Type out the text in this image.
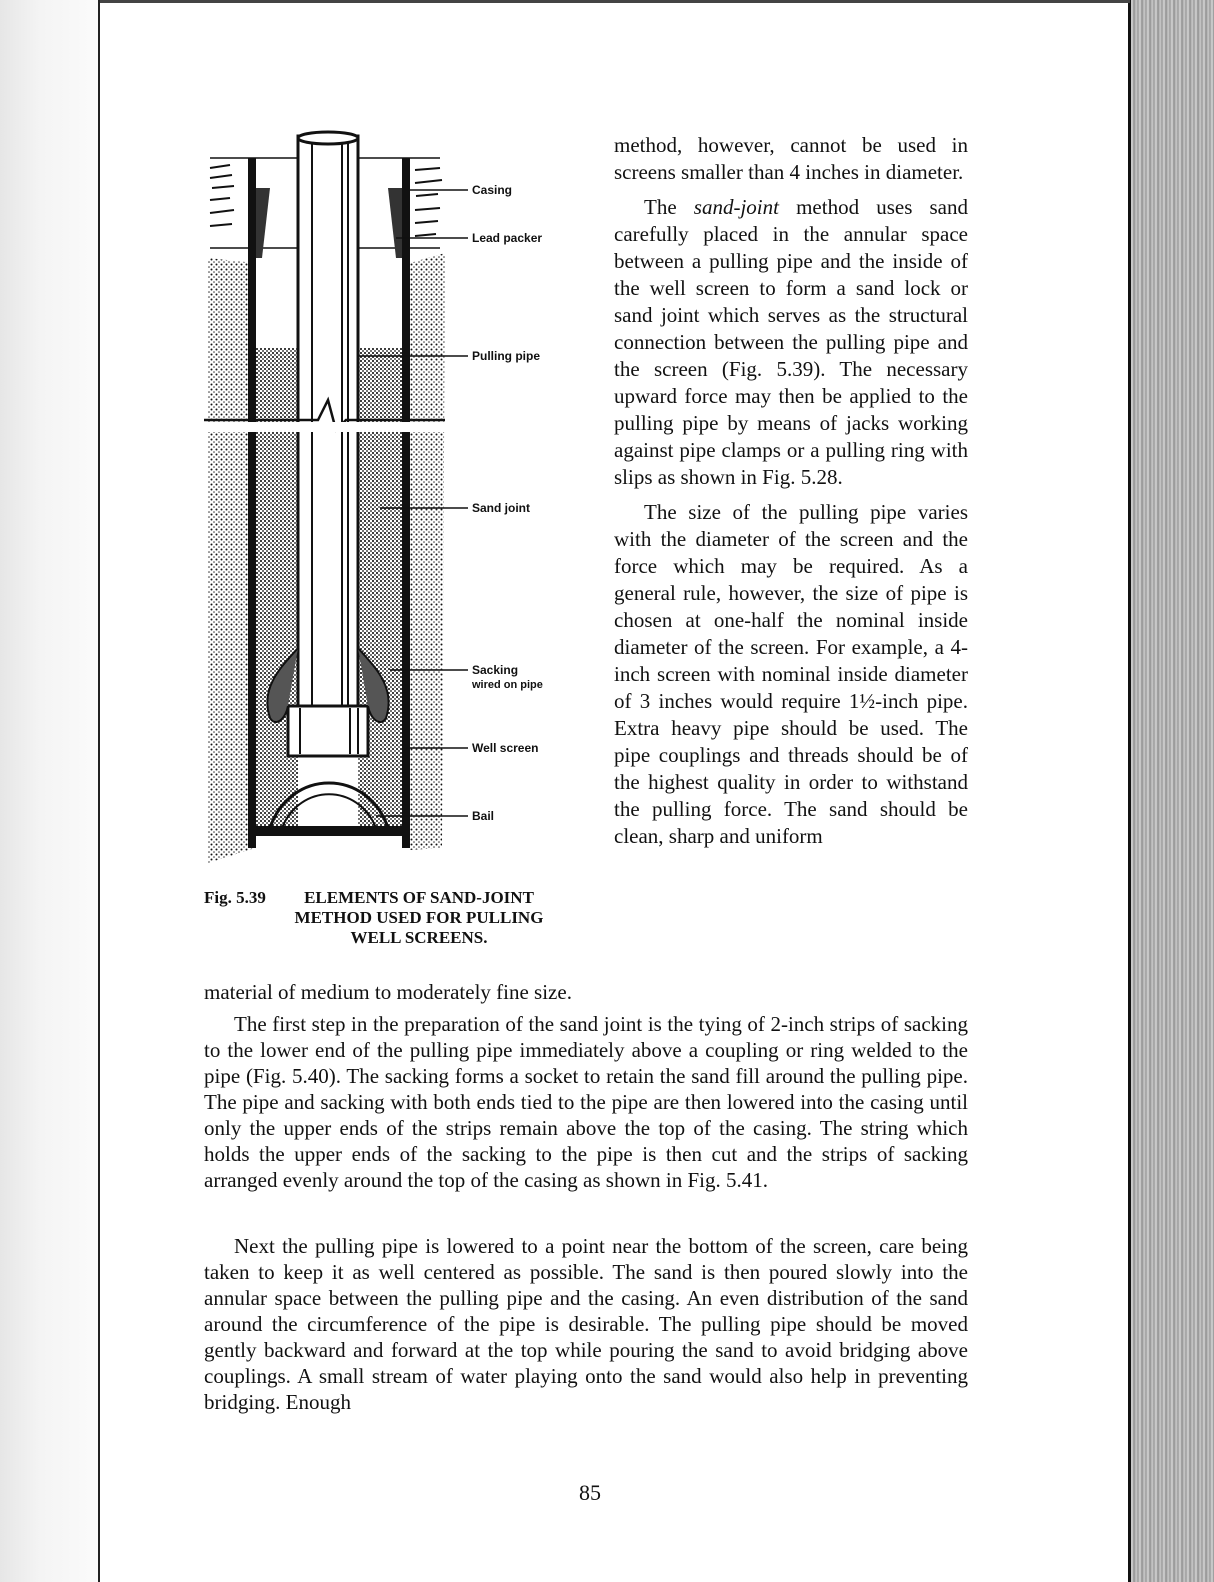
Casing
Lead packer
Pulling pipe
Sand joint
Sacking
wired on pipe
Well screen
Bail
Fig. 5.39	ELEMENTS OF SAND-JOINT METHOD USED FOR PULLING WELL SCREENS.

method, however, cannot be used in screens smaller than 4 inches in diameter.

The sand-joint method uses sand carefully placed in the annular space between a pulling pipe and the inside of the well screen to form a sand lock or sand joint which serves as the structural connection between the pulling pipe and the screen (Fig. 5.39). The necessary upward force may then be applied to the pulling pipe by means of jacks working against pipe clamps or a pulling ring with slips as shown in Fig. 5.28.

The size of the pulling pipe varies with the diameter of the screen and the force which may be required. As a general rule, however, the size of pipe is chosen at one-half the nominal inside diameter of the screen. For example, a 4-inch screen with nominal inside diameter of 3 inches would require 1½-inch pipe. Extra heavy pipe should be used. The pipe couplings and threads should be of the highest quality in order to withstand the pulling force. The sand should be clean, sharp and uniform

material of medium to moderately fine size.

The first step in the preparation of the sand joint is the tying of 2-inch strips of sacking to the lower end of the pulling pipe immediately above a coupling or ring welded to the pipe (Fig. 5.40). The sacking forms a socket to retain the sand fill around the pulling pipe. The pipe and sacking with both ends tied to the pipe are then lowered into the casing until only the upper ends of the strips remain above the top of the casing. The string which holds the upper ends of the sacking to the pipe is then cut and the strips of sacking arranged evenly around the top of the casing as shown in Fig. 5.41.

Next the pulling pipe is lowered to a point near the bottom of the screen, care being taken to keep it as well centered as possible. The sand is then poured slowly into the annular space between the pulling pipe and the casing. An even distribution of the sand around the circumference of the pipe is desirable. The pulling pipe should be moved gently backward and forward at the top while pouring the sand to avoid bridging above couplings. A small stream of water playing onto the sand would also help in preventing bridging. Enough

85
